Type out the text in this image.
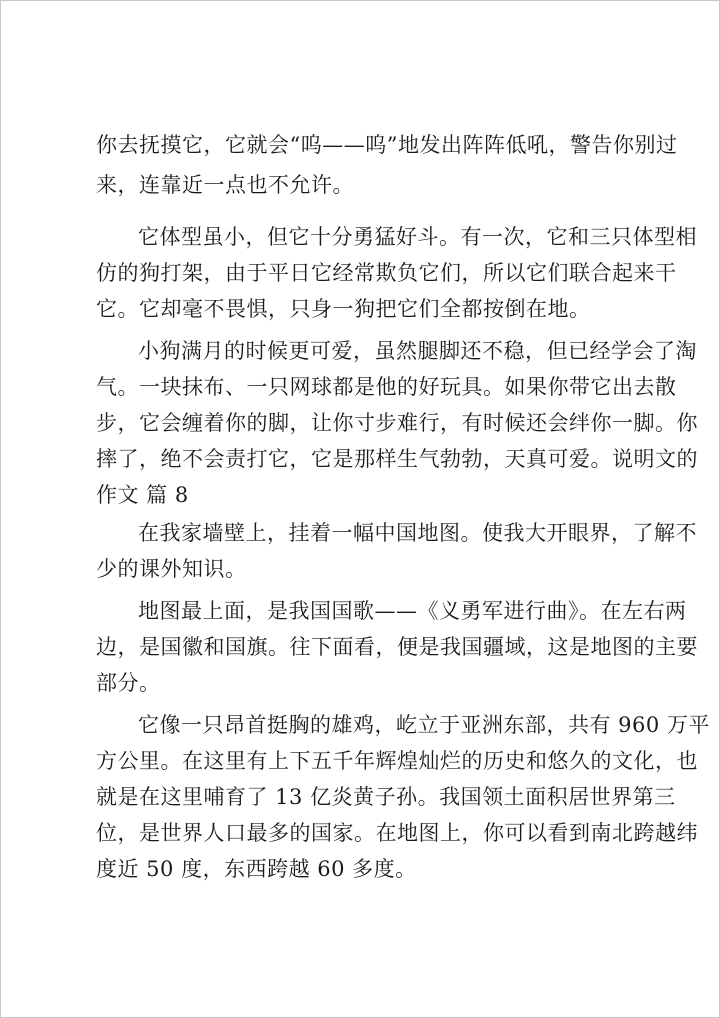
你去抚摸它，它就会“呜——呜”地发出阵阵低吼，警告你别过
来，连靠近一点也不允许。
它体型虽小，但它十分勇猛好斗。有一次，它和三只体型相
仿的狗打架，由于平日它经常欺负它们，所以它们联合起来干
它。它却毫不畏惧，只身一狗把它们全都按倒在地。
小狗满月的时候更可爱，虽然腿脚还不稳，但已经学会了淘
气。一块抹布、一只网球都是他的好玩具。如果你带它出去散
步，它会缠着你的脚，让你寸步难行，有时候还会绊你一脚。你
摔了，绝不会责打它，它是那样生气勃勃，天真可爱。说明文的
作文 篇 8
在我家墙壁上，挂着一幅中国地图。使我大开眼界，了解不
少的课外知识。
地图最上面，是我国国歌——《义勇军进行曲》。在左右两
边，是国徽和国旗。往下面看，便是我国疆域，这是地图的主要
部分。
它像一只昂首挺胸的雄鸡，屹立于亚洲东部，共有 960 万平
方公里。在这里有上下五千年辉煌灿烂的历史和悠久的文化，也
就是在这里哺育了 13 亿炎黄子孙。我国领土面积居世界第三
位，是世界人口最多的国家。在地图上，你可以看到南北跨越纬
度近 50 度，东西跨越 60 多度。
